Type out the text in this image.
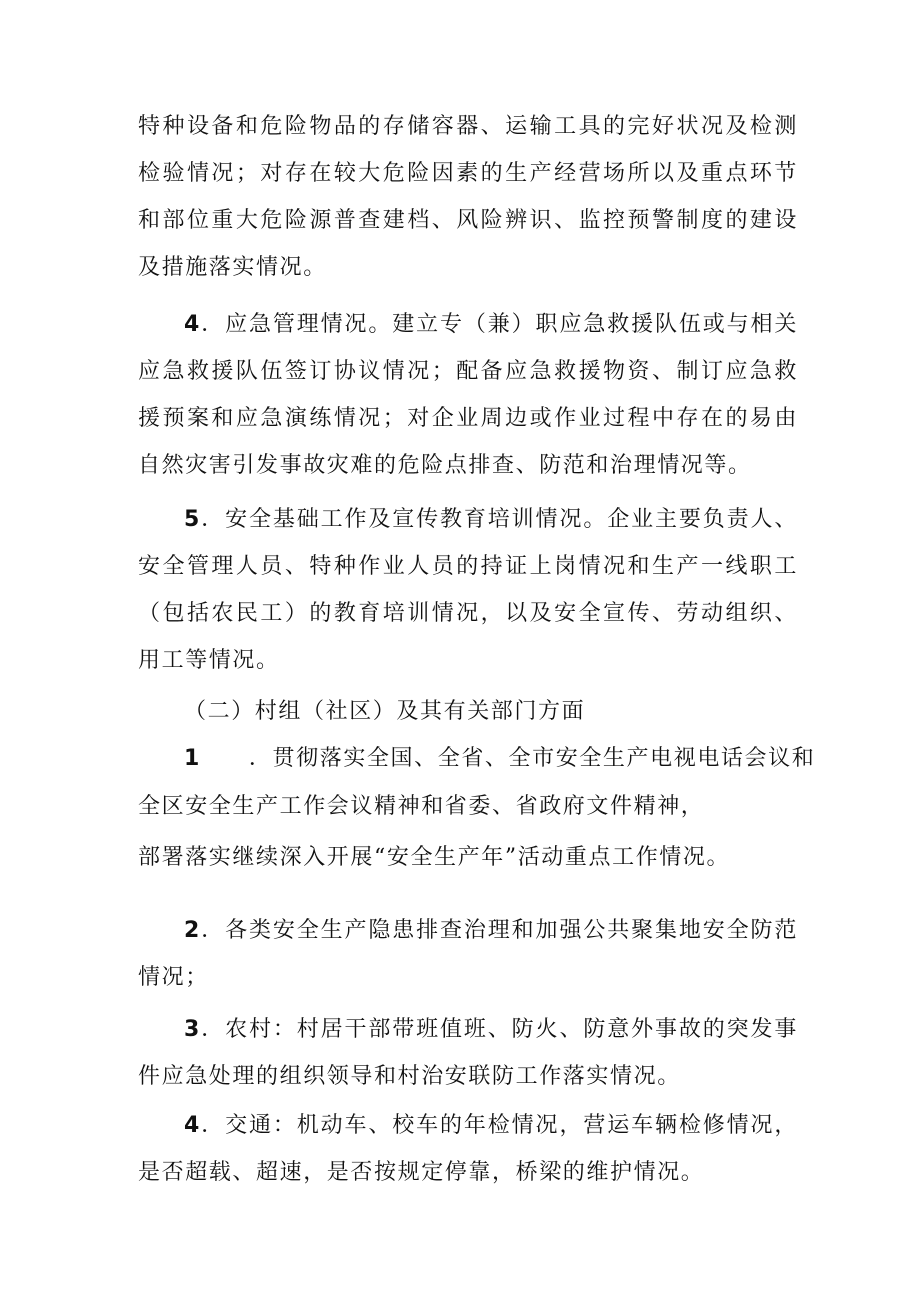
特种设备和危险物品的存储容器、运输工具的完好状况及检测检验情况；对存在较大危险因素的生产经营场所以及重点环节和部位重大危险源普查建档、风险辨识、监控预警制度的建设及措施落实情况。

4．应急管理情况。建立专（兼）职应急救援队伍或与相关应急救援队伍签订协议情况；配备应急救援物资、制订应急救援预案和应急演练情况；对企业周边或作业过程中存在的易由自然灾害引发事故灾难的危险点排查、防范和治理情况等。

5．安全基础工作及宣传教育培训情况。企业主要负责人、安全管理人员、特种作业人员的持证上岗情况和生产一线职工（包括农民工）的教育培训情况，以及安全宣传、劳动组织、用工等情况。

（二）村组（社区）及其有关部门方面

1 ．贯彻落实全国、全省、全市安全生产电视电话会议和

全区安全生产工作会议精神和省委、省政府文件精神，

部署落实继续深入开展“安全生产年”活动重点工作情况。

2．各类安全生产隐患排查治理和加强公共聚集地安全防范情况；

3．农村：村居干部带班值班、防火、防意外事故的突发事件应急处理的组织领导和村治安联防工作落实情况。

4．交通：机动车、校车的年检情况，营运车辆检修情况，是否超载、超速，是否按规定停靠，桥梁的维护情况。
